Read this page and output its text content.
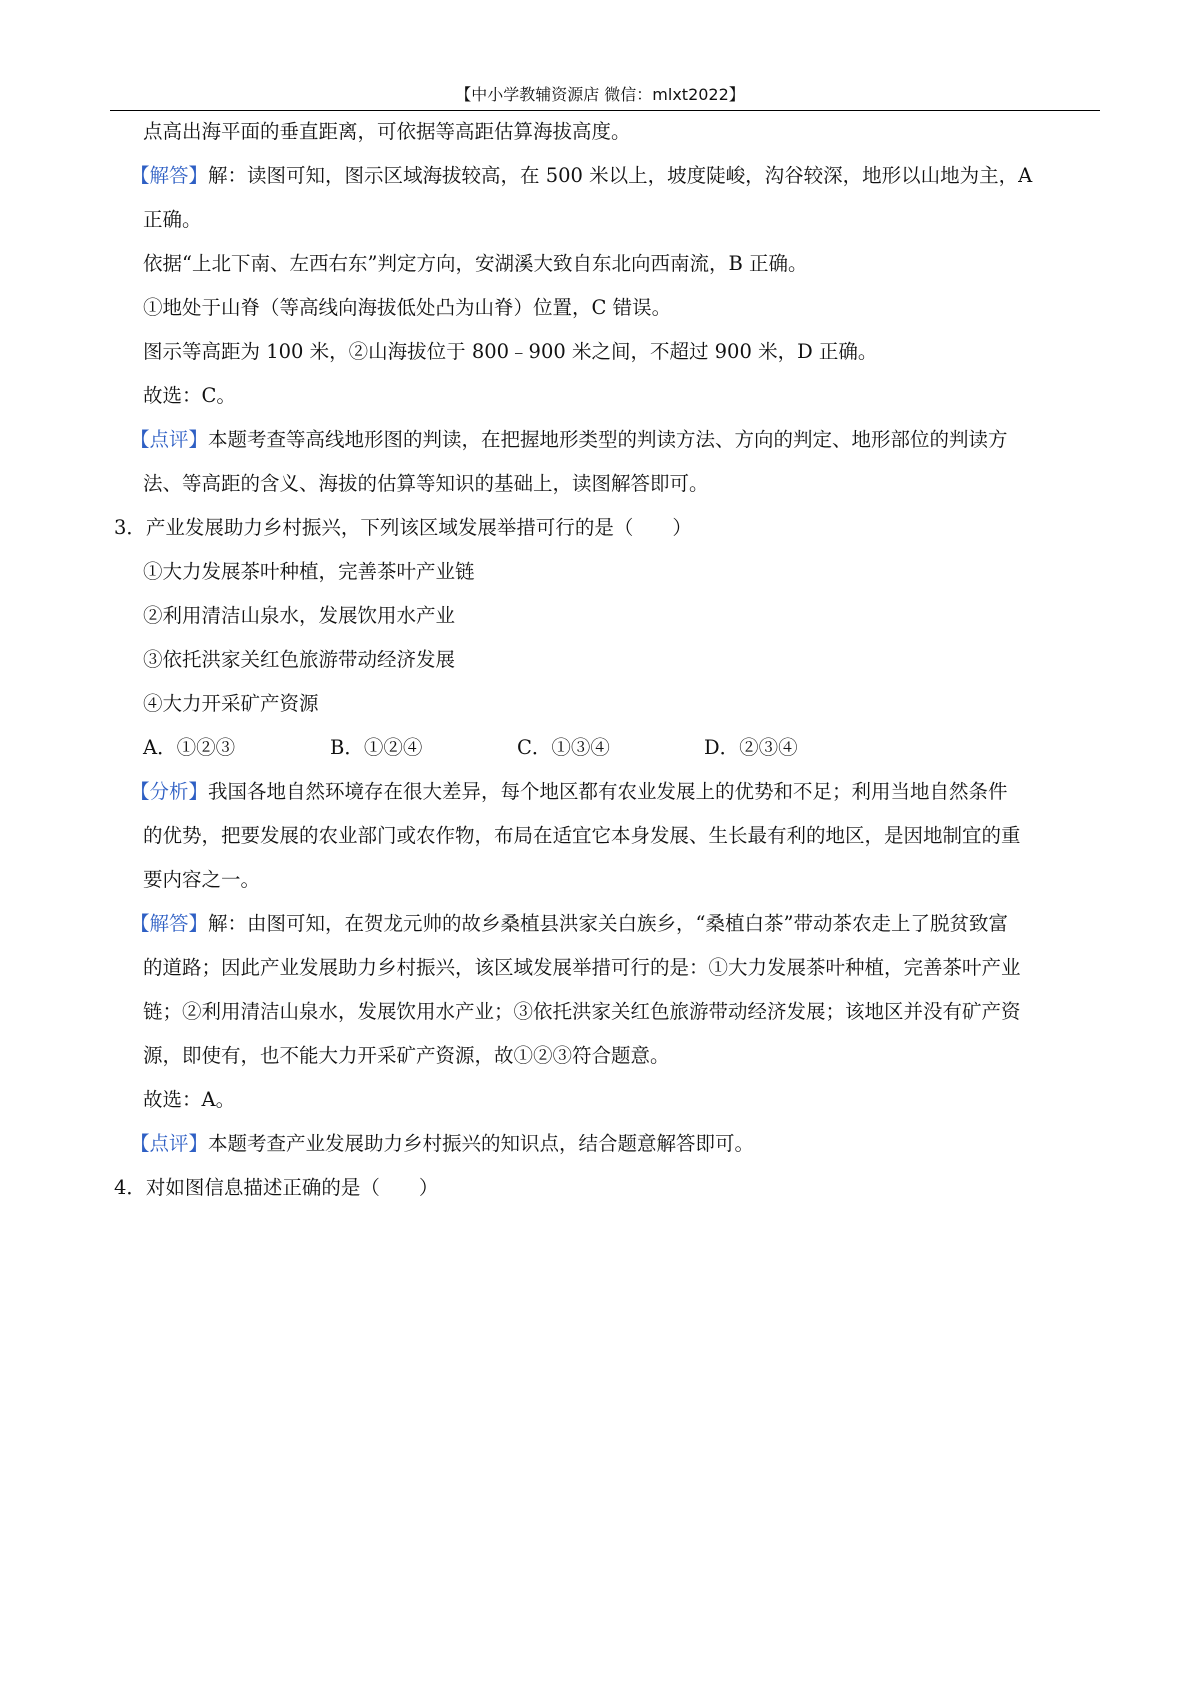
【中小学教辅资源店 微信：mlxt2022】
点高出海平面的垂直距离，可依据等高距估算海拔高度。
【解答】解：读图可知，图示区域海拔较高，在 500 米以上，坡度陡峻，沟谷较深，地形以山地为主，A
正确。
依据“上北下南、左西右东”判定方向，安湖溪大致自东北向西南流，B 正确。
①地处于山脊（等高线向海拔低处凸为山脊）位置，C 错误。
图示等高距为 100 米，②山海拔位于 800﹣900 米之间，不超过 900 米，D 正确。
故选：C。
【点评】本题考查等高线地形图的判读，在把握地形类型的判读方法、方向的判定、地形部位的判读方
法、等高距的含义、海拔的估算等知识的基础上，读图解答即可。
3．产业发展助力乡村振兴，下列该区域发展举措可行的是（　　）
①大力发展茶叶种植，完善茶叶产业链
②利用清洁山泉水，发展饮用水产业
③依托洪家关红色旅游带动经济发展
④大力开采矿产资源
A．①②③	B．①②④	C．①③④	D．②③④
【分析】我国各地自然环境存在很大差异，每个地区都有农业发展上的优势和不足；利用当地自然条件
的优势，把要发展的农业部门或农作物，布局在适宜它本身发展、生长最有利的地区，是因地制宜的重
要内容之一。
【解答】解：由图可知，在贺龙元帅的故乡桑植县洪家关白族乡，“桑植白茶”带动茶农走上了脱贫致富
的道路；因此产业发展助力乡村振兴，该区域发展举措可行的是：①大力发展茶叶种植，完善茶叶产业
链；②利用清洁山泉水，发展饮用水产业；③依托洪家关红色旅游带动经济发展；该地区并没有矿产资
源，即使有，也不能大力开采矿产资源，故①②③符合题意。
故选：A。
【点评】本题考查产业发展助力乡村振兴的知识点，结合题意解答即可。
4．对如图信息描述正确的是（　　）
